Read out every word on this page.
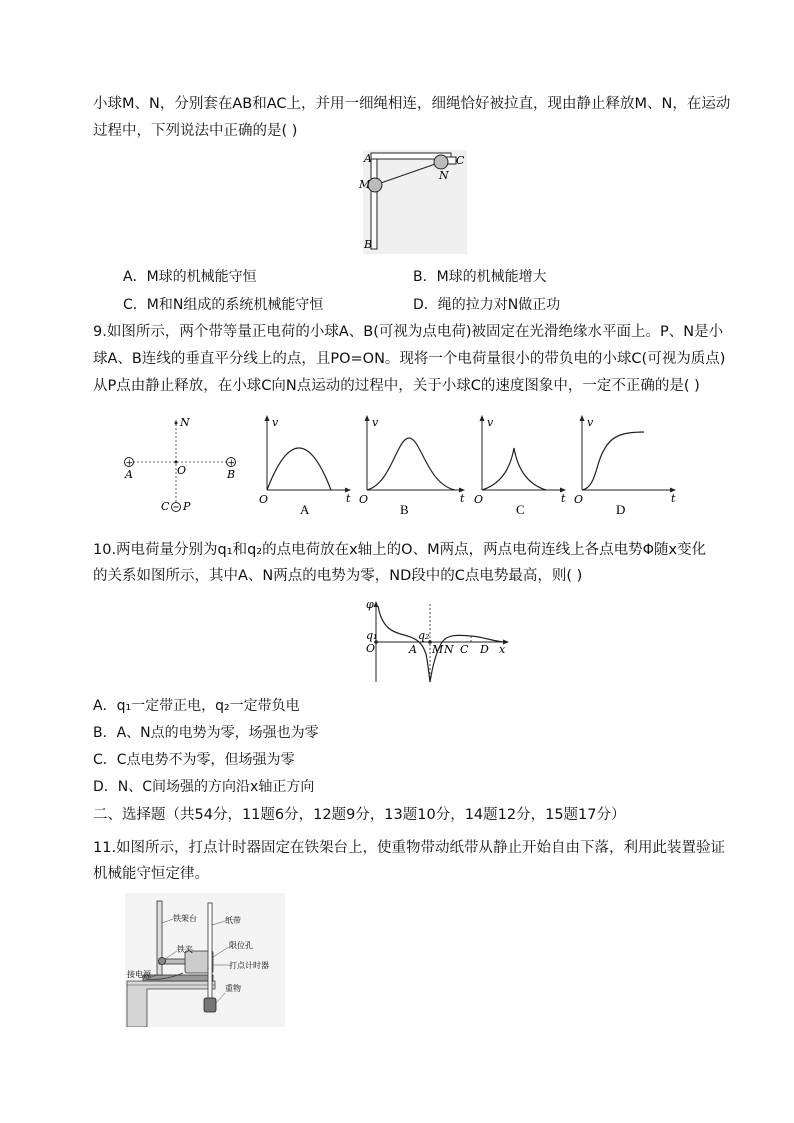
小球M、N，分别套在AB和AC上，并用一细绳相连，细绳恰好被拉直，现由静止释放M、N，在运动
过程中，下列说法中正确的是( )
A
B
C
M
N
A．M球的机械能守恒	B．M球的机械能增大
C．M和N组成的系统机械能守恒	D．绳的拉力对N做正功
9.如图所示，两个带等量正电荷的小球A、B(可视为点电荷)被固定在光滑绝缘水平面上。P、N是小
球A、B连线的垂直平分线上的点，且PO=ON。现将一个电荷量很小的带负电的小球C(可视为质点)
从P点由静止释放，在小球C向N点运动的过程中，关于小球C的速度图象中，一定不正确的是( )
+	+
N
A	O	B
C P
v
t
O
A
v
t
O
B
v
t
O
C
v
t
O
D
10.两电荷量分别为q₁和q₂的点电荷放在x轴上的O、M两点，两点电荷连线上各点电势Φ随x变化
的关系如图所示，其中A、N两点的电势为零，ND段中的C点电势最高，则( )
φ
q₁	q₂
O	A M N C D x
A．q₁一定带正电，q₂一定带负电
B．A、N点的电势为零，场强也为零
C．C点电势不为零，但场强为零
D．N、C间场强的方向沿x轴正方向
二、选择题（共54分，11题6分，12题9分，13题10分，14题12分，15题17分）
11.如图所示，打点计时器固定在铁架台上，使重物带动纸带从静止开始自由下落，利用此装置验证
机械能守恒定律。
铁架台	纸带
铁夹	限位孔
打点计时器
接电源
重物
